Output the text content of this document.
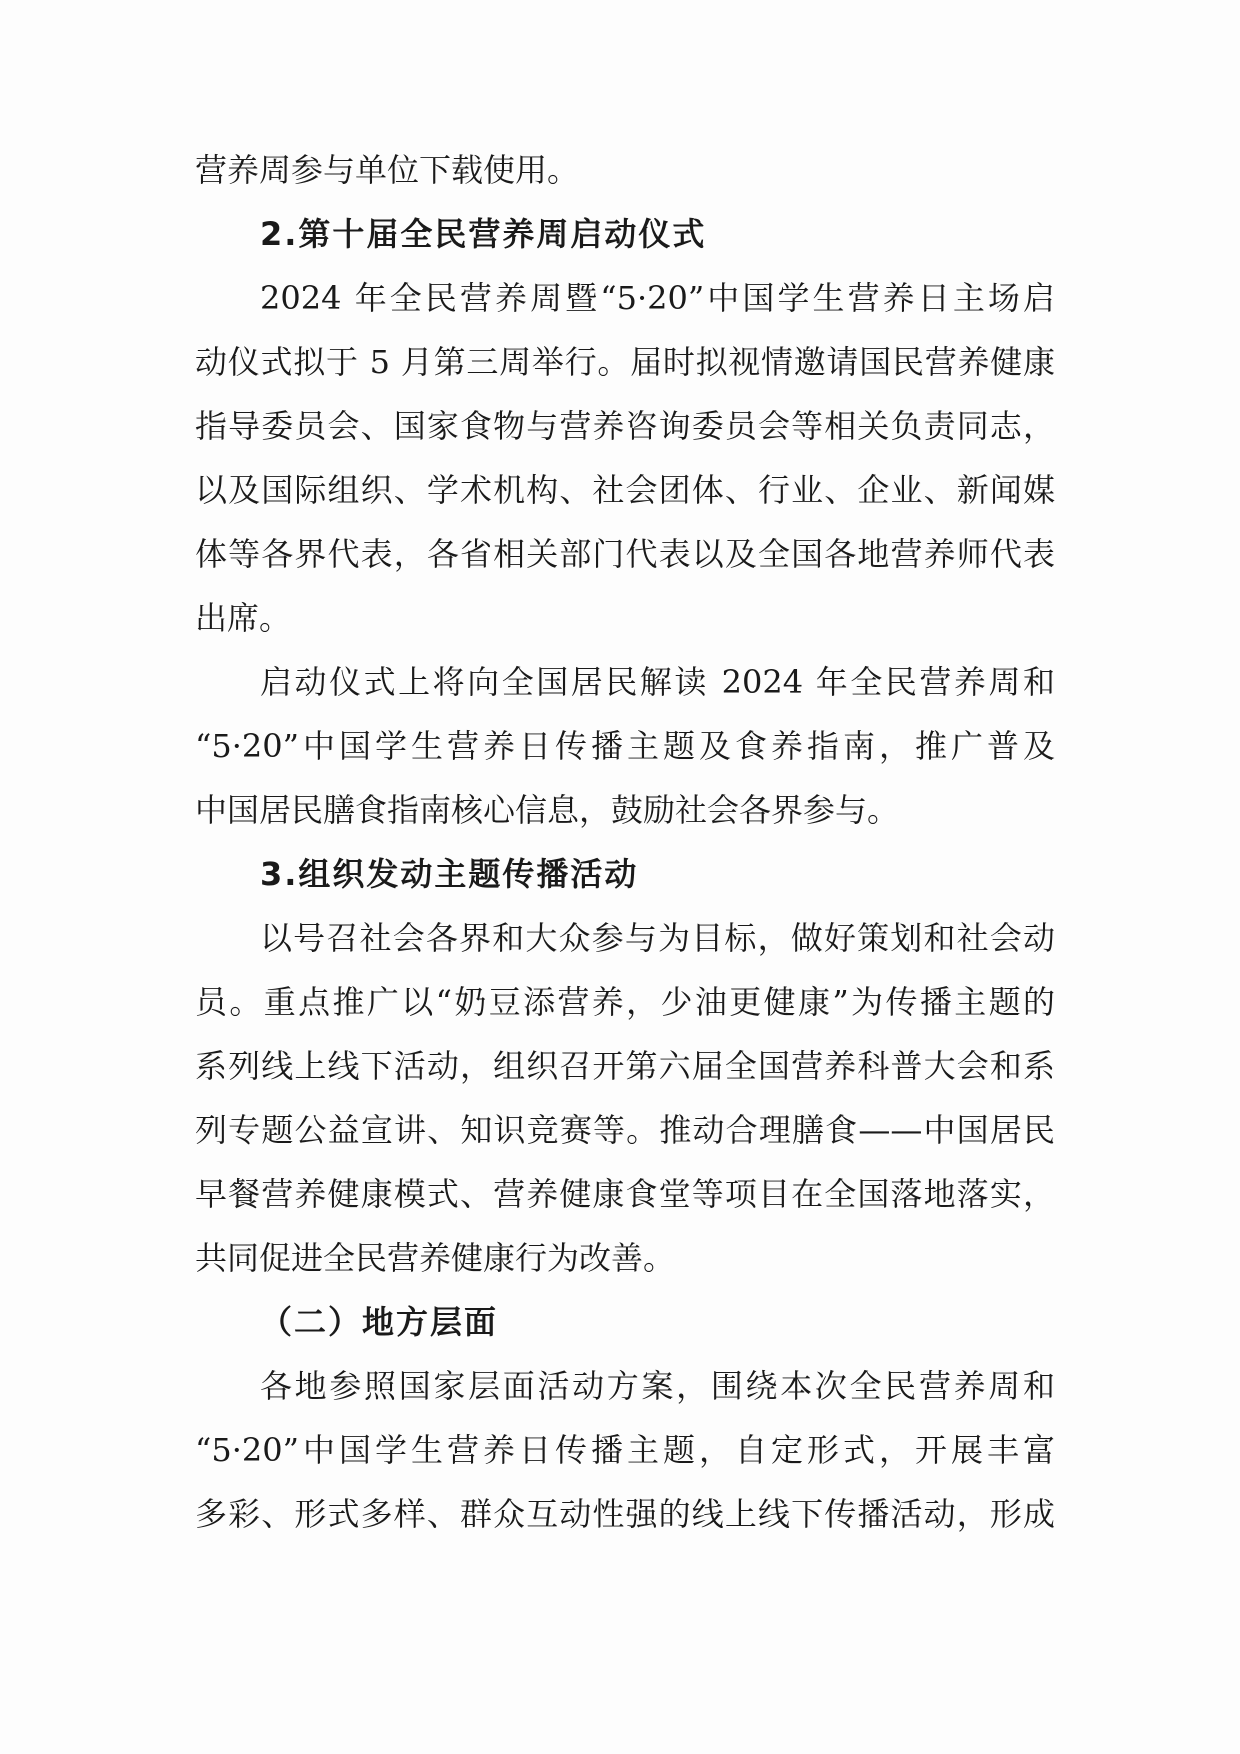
营养周参与单位下载使用。
2.第十届全民营养周启动仪式
2024 年全民营养周暨“5·20”中国学生营养日主场启
动仪式拟于 5 月第三周举行。届时拟视情邀请国民营养健康
指导委员会、国家食物与营养咨询委员会等相关负责同志，
以及国际组织、学术机构、社会团体、行业、企业、新闻媒
体等各界代表，各省相关部门代表以及全国各地营养师代表
出席。
启动仪式上将向全国居民解读 2024 年全民营养周和
“5·20”中国学生营养日传播主题及食养指南，推广普及
中国居民膳食指南核心信息，鼓励社会各界参与。
3.组织发动主题传播活动
以号召社会各界和大众参与为目标，做好策划和社会动
员。重点推广以“奶豆添营养，少油更健康”为传播主题的
系列线上线下活动，组织召开第六届全国营养科普大会和系
列专题公益宣讲、知识竞赛等。推动合理膳食——中国居民
早餐营养健康模式、营养健康食堂等项目在全国落地落实，
共同促进全民营养健康行为改善。
（二）地方层面
各地参照国家层面活动方案，围绕本次全民营养周和
“5·20”中国学生营养日传播主题，自定形式，开展丰富
多彩、形式多样、群众互动性强的线上线下传播活动，形成
